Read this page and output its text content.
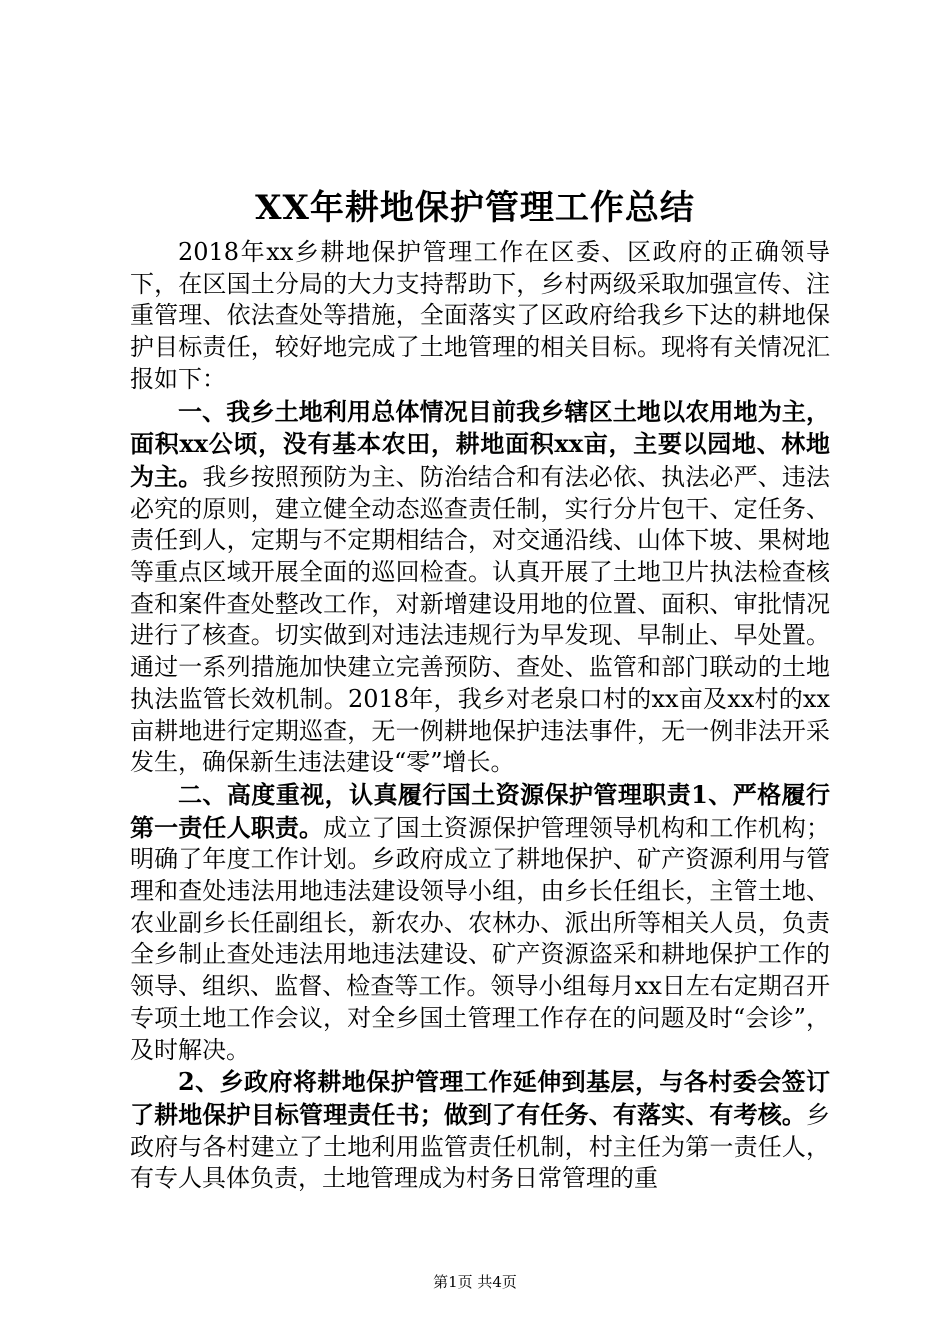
XX年耕地保护管理工作总结

2018年xx乡耕地保护管理工作在区委、区政府的正确领导下，在区国土分局的大力支持帮助下，乡村两级采取加强宣传、注重管理、依法查处等措施，全面落实了区政府给我乡下达的耕地保护目标责任，较好地完成了土地管理的相关目标。现将有关情况汇报如下：

一、我乡土地利用总体情况目前我乡辖区土地以农用地为主，面积xx公顷，没有基本农田，耕地面积xx亩，主要以园地、林地为主。我乡按照预防为主、防治结合和有法必依、执法必严、违法必究的原则，建立健全动态巡查责任制，实行分片包干、定任务、责任到人，定期与不定期相结合，对交通沿线、山体下坡、果树地等重点区域开展全面的巡回检查。认真开展了土地卫片执法检查核查和案件查处整改工作，对新增建设用地的位置、面积、审批情况进行了核查。切实做到对违法违规行为早发现、早制止、早处置。通过一系列措施加快建立完善预防、查处、监管和部门联动的土地执法监管长效机制。2018年，我乡对老泉口村的xx亩及xx村的xx亩耕地进行定期巡查，无一例耕地保护违法事件，无一例非法开采发生，确保新生违法建设“零”增长。

二、高度重视，认真履行国土资源保护管理职责1、严格履行第一责任人职责。成立了国土资源保护管理领导机构和工作机构；明确了年度工作计划。乡政府成立了耕地保护、矿产资源利用与管理和查处违法用地违法建设领导小组，由乡长任组长，主管土地、农业副乡长任副组长，新农办、农林办、派出所等相关人员，负责全乡制止查处违法用地违法建设、矿产资源盗采和耕地保护工作的领导、组织、监督、检查等工作。领导小组每月xx日左右定期召开专项土地工作会议，对全乡国土管理工作存在的问题及时“会诊”，及时解决。

2、乡政府将耕地保护管理工作延伸到基层，与各村委会签订了耕地保护目标管理责任书；做到了有任务、有落实、有考核。乡政府与各村建立了土地利用监管责任机制，村主任为第一责任人，有专人具体负责，土地管理成为村务日常管理的重

第1页 共4页
